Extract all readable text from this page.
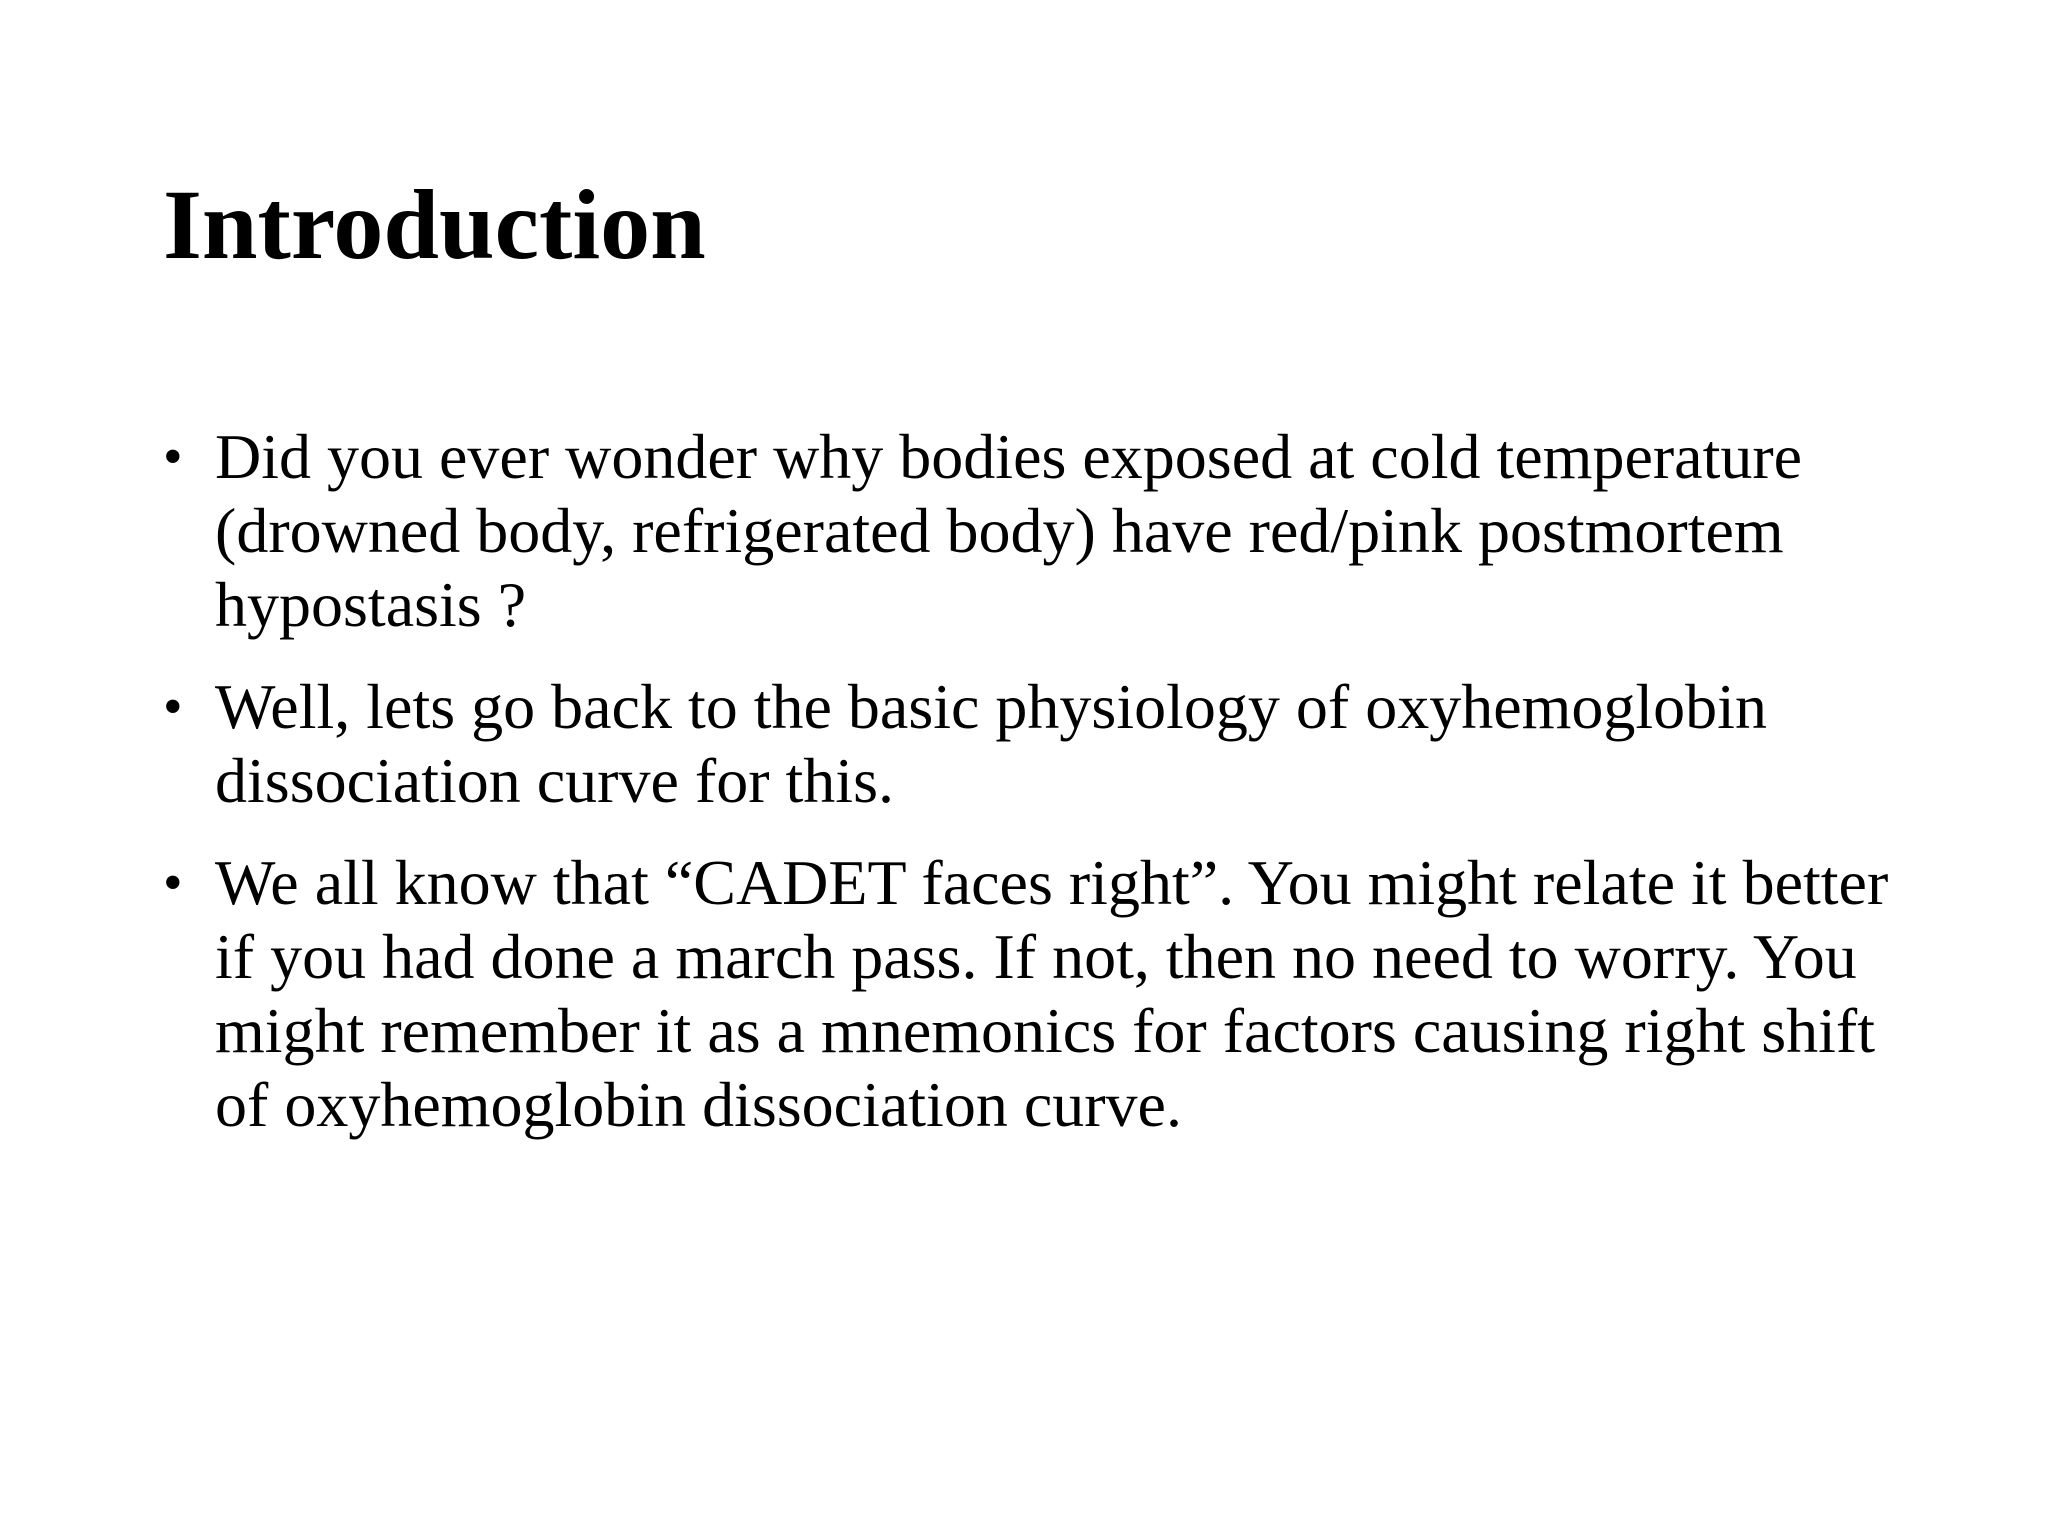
Introduction
• Did you ever wonder why bodies exposed at cold temperature (drowned body, refrigerated body) have red/pink postmortem hypostasis ?
• Well, lets go back to the basic physiology of oxyhemoglobin dissociation curve for this.
• We all know that “CADET faces right”. You might relate it better if you had done a march pass. If not, then no need to worry. You might remember it as a mnemonics for factors causing right shift of oxyhemoglobin dissociation curve.
